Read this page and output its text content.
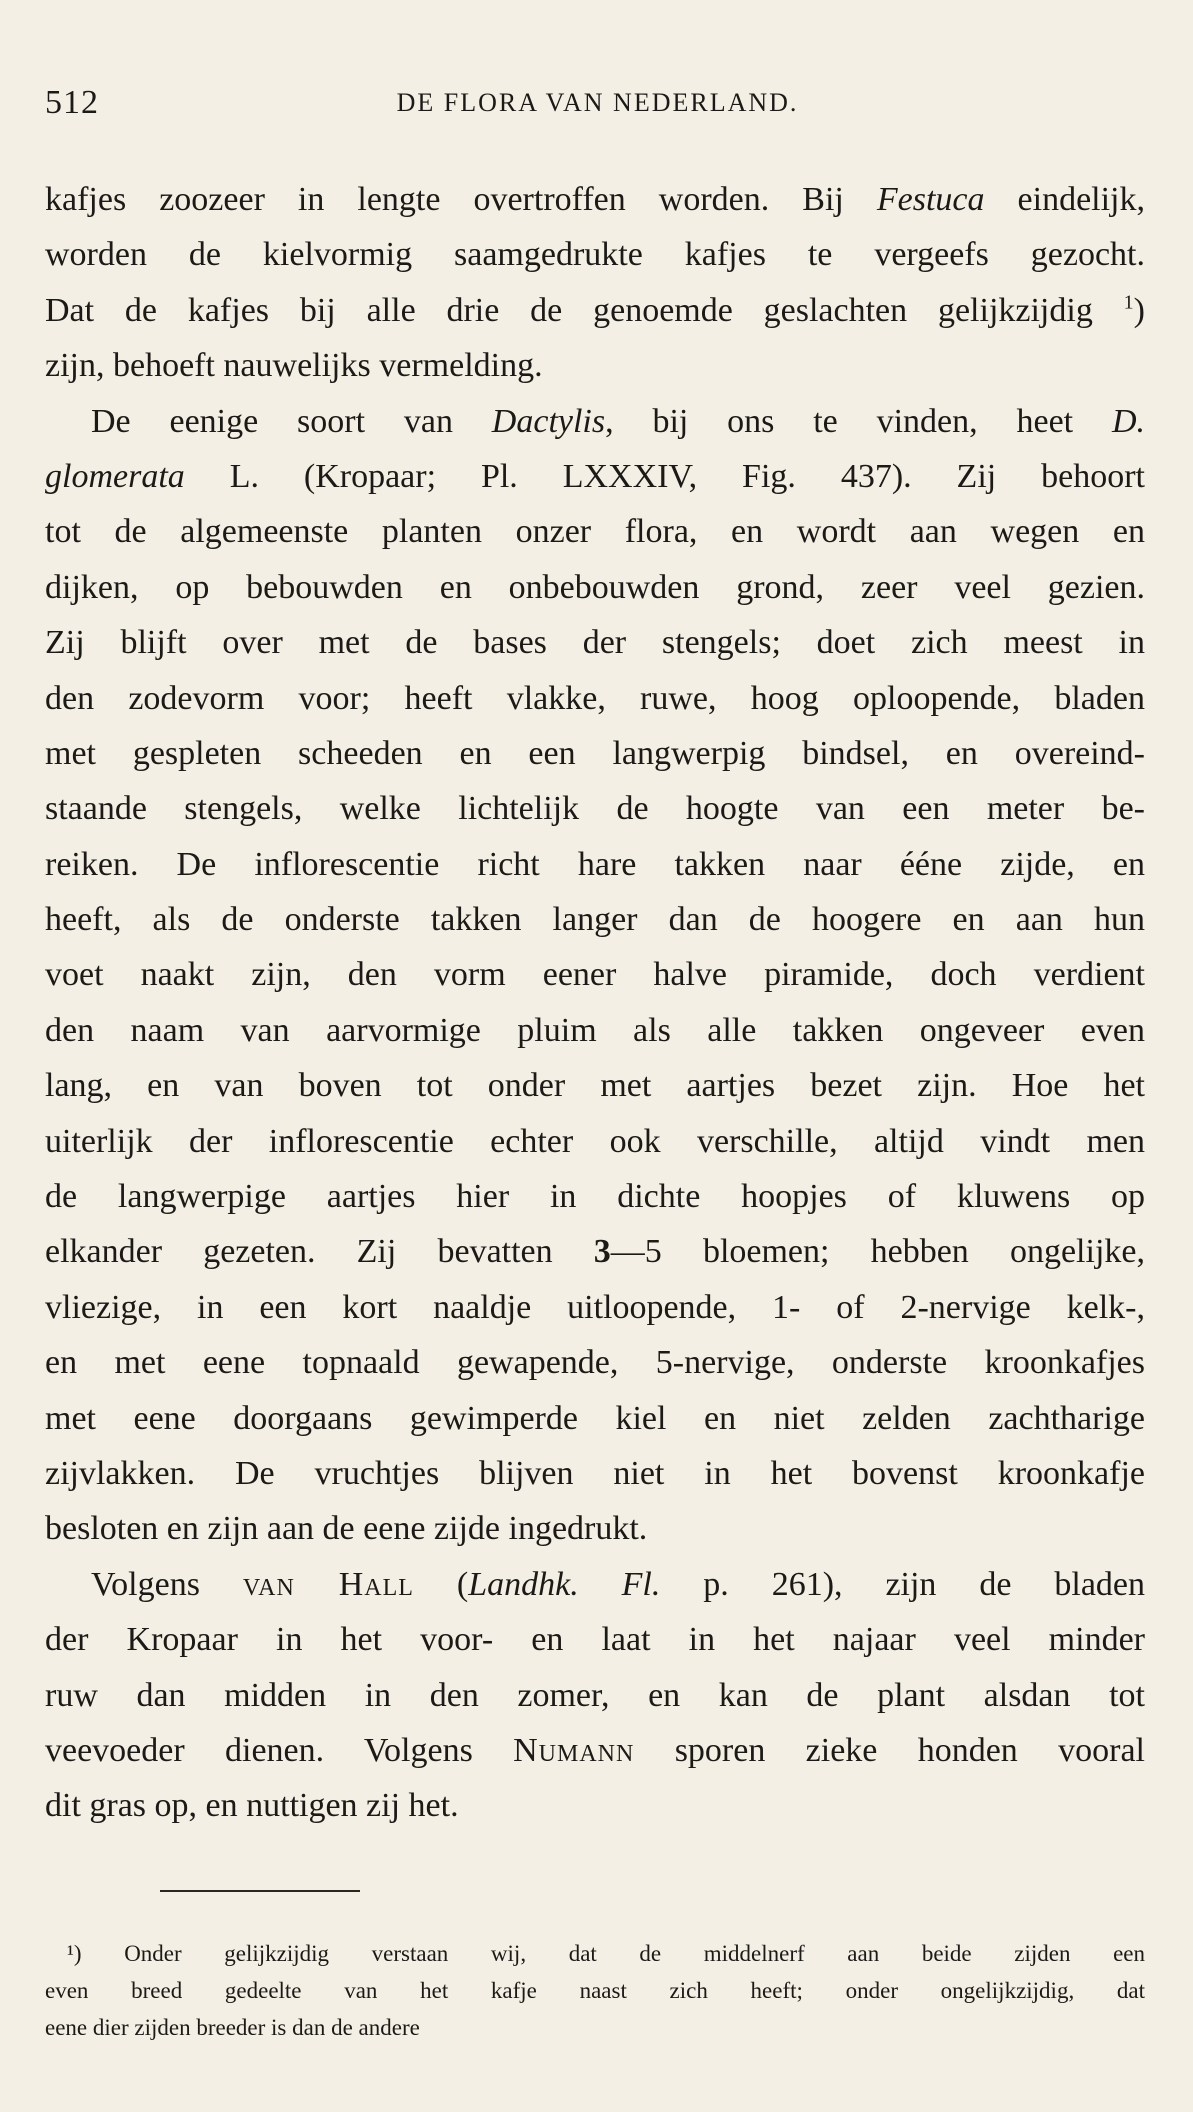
512	DE FLORA VAN NEDERLAND.
kafjes zoozeer in lengte overtroffen worden. Bij Festuca eindelijk,
worden de kielvormig saamgedrukte kafjes te vergeefs gezocht.
Dat de kafjes bij alle drie de genoemde geslachten gelijkzijdig $^1$)
zijn, behoeft nauwelijks vermelding.
De eenige soort van Dactylis, bij ons te vinden, heet D.
glomerata L. (Kropaar; Pl. LXXXIV, Fig. 437). Zij behoort
tot de algemeenste planten onzer flora, en wordt aan wegen en
dijken, op bebouwden en onbebouwden grond, zeer veel gezien.
Zij blijft over met de bases der stengels; doet zich meest in
den zodevorm voor; heeft vlakke, ruwe, hoog oploopende, bladen
met gespleten scheeden en een langwerpig bindsel, en overeind-
staande stengels, welke lichtelijk de hoogte van een meter be-
reiken. De inflorescentie richt hare takken naar ééne zijde, en
heeft, als de onderste takken langer dan de hoogere en aan hun
voet naakt zijn, den vorm eener halve piramide, doch verdient
den naam van aarvormige pluim als alle takken ongeveer even
lang, en van boven tot onder met aartjes bezet zijn. Hoe het
uiterlijk der inflorescentie echter ook verschille, altijd vindt men
de langwerpige aartjes hier in dichte hoopjes of kluwens op
elkander gezeten. Zij bevatten 3—5 bloemen; hebben ongelijke,
vliezige, in een kort naaldje uitloopende, 1- of 2-nervige kelk-,
en met eene topnaald gewapende, 5-nervige, onderste kroonkafjes
met eene doorgaans gewimperde kiel en niet zelden zachtharige
zijvlakken. De vruchtjes blijven niet in het bovenst kroonkafje
besloten en zijn aan de eene zijde ingedrukt.
Volgens van Hall (Landhk. Fl. p. 261), zijn de bladen
der Kropaar in het voor- en laat in het najaar veel minder
ruw dan midden in den zomer, en kan de plant alsdan tot
veevoeder dienen. Volgens Numann sporen zieke honden vooral
dit gras op, en nuttigen zij het.
¹) Onder gelijkzijdig verstaan wij, dat de middelnerf aan beide zijden een
even breed gedeelte van het kafje naast zich heeft; onder ongelijkzijdig, dat
eene dier zijden breeder is dan de andere
